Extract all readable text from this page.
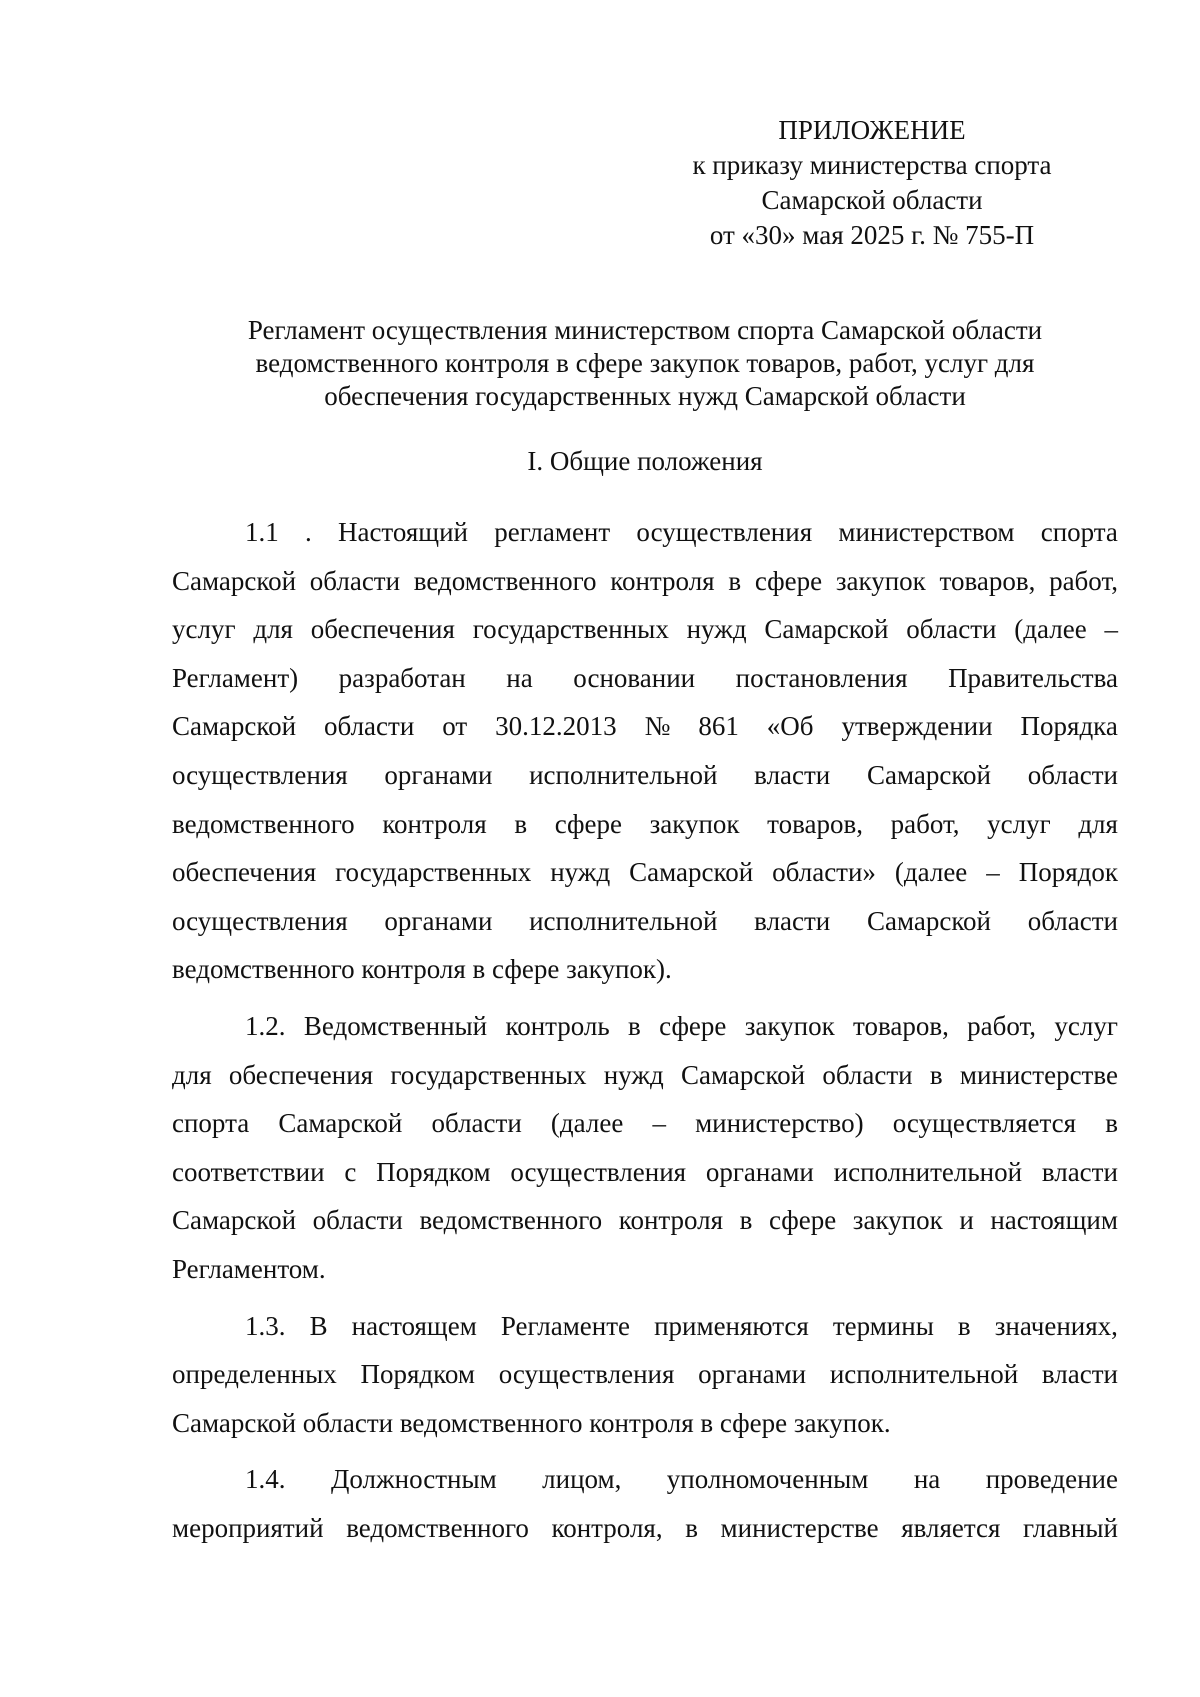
ПРИЛОЖЕНИЕ
к приказу министерства спорта
Самарской области
от «30» мая 2025 г. № 755-П
Регламент осуществления министерством спорта Самарской области
ведомственного контроля в сфере закупок товаров, работ, услуг для
обеспечения государственных нужд Самарской области
I. Общие положения
1.1 . Настоящий регламент осуществления министерством спорта
Самарской области ведомственного контроля в сфере закупок товаров, работ,
услуг для обеспечения государственных нужд Самарской области (далее –
Регламент) разработан на основании постановления Правительства
Самарской области от 30.12.2013 № 861 «Об утверждении Порядка
осуществления органами исполнительной власти Самарской области
ведомственного контроля в сфере закупок товаров, работ, услуг для
обеспечения государственных нужд Самарской области» (далее – Порядок
осуществления органами исполнительной власти Самарской области
ведомственного контроля в сфере закупок).
1.2. Ведомственный контроль в сфере закупок товаров, работ, услуг
для обеспечения государственных нужд Самарской области в министерстве
спорта Самарской области (далее – министерство) осуществляется в
соответствии с Порядком осуществления органами исполнительной власти
Самарской области ведомственного контроля в сфере закупок и настоящим
Регламентом.
1.3. В настоящем Регламенте применяются термины в значениях,
определенных Порядком осуществления органами исполнительной власти
Самарской области ведомственного контроля в сфере закупок.
1.4. Должностным лицом, уполномоченным на проведение
мероприятий ведомственного контроля, в министерстве является главный
